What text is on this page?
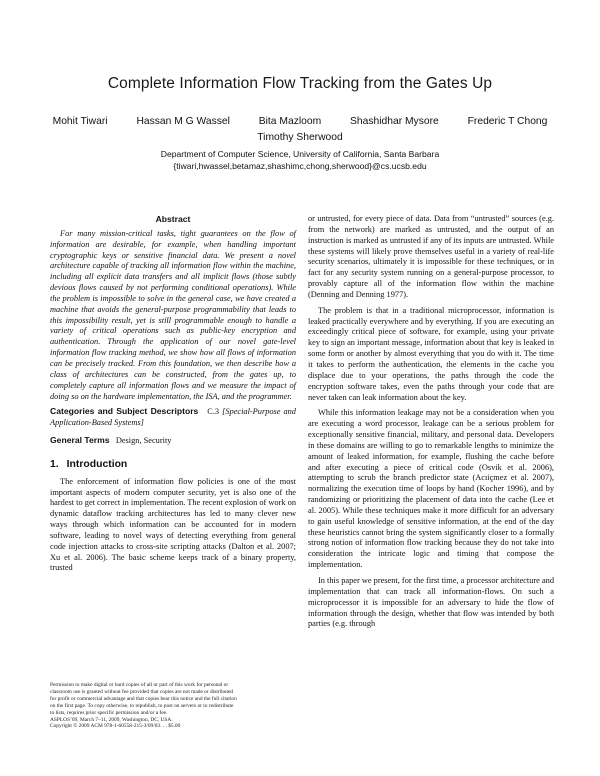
Complete Information Flow Tracking from the Gates Up
Mohit Tiwari	Hassan M G Wassel	Bita Mazloom	Shashidhar Mysore	Frederic T Chong
Timothy Sherwood
Department of Computer Science, University of California, Santa Barbara
{tiwari,hwassel,betamaz,shashimc,chong,sherwood}@cs.ucsb.edu
Abstract

For many mission-critical tasks, tight guarantees on the flow of information are desirable, for example, when handling important cryptographic keys or sensitive financial data. We present a novel architecture capable of tracking all information flow within the machine, including all explicit data transfers and all implicit flows (those subtly devious flows caused by not performing conditional operations). While the problem is impossible to solve in the general case, we have created a machine that avoids the general-purpose programmability that leads to this impossibility result, yet is still programmable enough to handle a variety of critical operations such as public-key encryption and authentication. Through the application of our novel gate-level information flow tracking method, we show how all flows of information can be precisely tracked. From this foundation, we then describe how a class of architectures can be constructed, from the gates up, to completely capture all information flows and we measure the impact of doing so on the hardware implementation, the ISA, and the programmer.

Categories and Subject Descriptors C.3 [Special-Purpose and Application-Based Systems]

General Terms Design, Security

1. Introduction

The enforcement of information flow policies is one of the most important aspects of modern computer security, yet is also one of the hardest to get correct in implementation. The recent explosion of work on dynamic dataflow tracking architectures has led to many clever new ways through which information can be accounted for in modern software, leading to novel ways of detecting everything from general code injection attacks to cross-site scripting attacks (Dalton et al. 2007; Xu et al. 2006). The basic scheme keeps track of a binary property, trusted

or untrusted, for every piece of data. Data from “untrusted” sources (e.g. from the network) are marked as untrusted, and the output of an instruction is marked as untrusted if any of its inputs are untrusted. While these systems will likely prove themselves useful in a variety of real-life security scenarios, ultimately it is impossible for these techniques, or in fact for any security system running on a general-purpose processor, to provably capture all of the information flow within the machine (Denning and Denning 1977).

The problem is that in a traditional microprocessor, information is leaked practically everywhere and by everything. If you are executing an exceedingly critical piece of software, for example, using your private key to sign an important message, information about that key is leaked in some form or another by almost everything that you do with it. The time it takes to perform the authentication, the elements in the cache you displace due to your operations, the paths through the code the encryption software takes, even the paths through your code that are never taken can leak information about the key.

While this information leakage may not be a consideration when you are executing a word processor, leakage can be a serious problem for exceptionally sensitive financial, military, and personal data. Developers in these domains are willing to go to remarkable lengths to minimize the amount of leaked information, for example, flushing the cache before and after executing a piece of critical code (Osvik et al. 2006), attempting to scrub the branch predictor state (Acıiçmez et al. 2007), normalizing the execution time of loops by hand (Kocher 1996), and by randomizing or prioritizing the placement of data into the cache (Lee et al. 2005). While these techniques make it more difficult for an adversary to gain useful knowledge of sensitive information, at the end of the day these heuristics cannot bring the system significantly closer to a formally strong notion of information flow tracking because they do not take into consideration the intricate logic and timing that compose the implementation.

In this paper we present, for the first time, a processor architecture and implementation that can track all information-flows. On such a microprocessor it is impossible for an adversary to hide the flow of information through the design, whether that flow was intended by both parties (e.g. through

Permission to make digital or hard copies of all or part of this work for personal or
classroom use is granted without fee provided that copies are not made or distributed
for profit or commercial advantage and that copies bear this notice and the full citation
on the first page. To copy otherwise, to republish, to post on servers or to redistribute
to lists, requires prior specific permission and/or a fee.
ASPLOS’09, March 7–11, 2009, Washington, DC, USA.
Copyright © 2009 ACM 978-1-60558-215-3/09/03. . . $5.00
